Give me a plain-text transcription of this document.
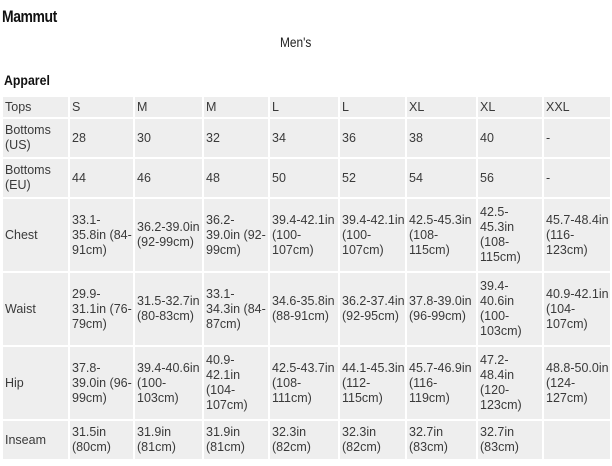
Mammut
Men's
Apparel
Tops	S	M	M	L	L	XL	XL	XXL
Bottoms (US)	28	30	32	34	36	38	40	-
Bottoms (EU)	44	46	48	50	52	54	56	-
Chest	33.1-35.8in (84-91cm)	36.2-39.0in (92-99cm)	36.2-39.0in (92-99cm)	39.4-42.1in (100-107cm)	39.4-42.1in (100-107cm)	42.5-45.3in (108-115cm)	42.5-45.3in (108-115cm)	45.7-48.4in (116-123cm)
Waist	29.9-31.1in (76-79cm)	31.5-32.7in (80-83cm)	33.1-34.3in (84-87cm)	34.6-35.8in (88-91cm)	36.2-37.4in (92-95cm)	37.8-39.0in (96-99cm)	39.4-40.6in (100-103cm)	40.9-42.1in (104-107cm)
Hip	37.8-39.0in (96-99cm)	39.4-40.6in (100-103cm)	40.9-42.1in (104-107cm)	42.5-43.7in (108-111cm)	44.1-45.3in (112-115cm)	45.7-46.9in (116-119cm)	47.2-48.4in (120-123cm)	48.8-50.0in (124-127cm)
Inseam	31.5in (80cm)	31.9in (81cm)	31.9in (81cm)	32.3in (82cm)	32.3in (82cm)	32.7in (83cm)	32.7in (83cm)	
